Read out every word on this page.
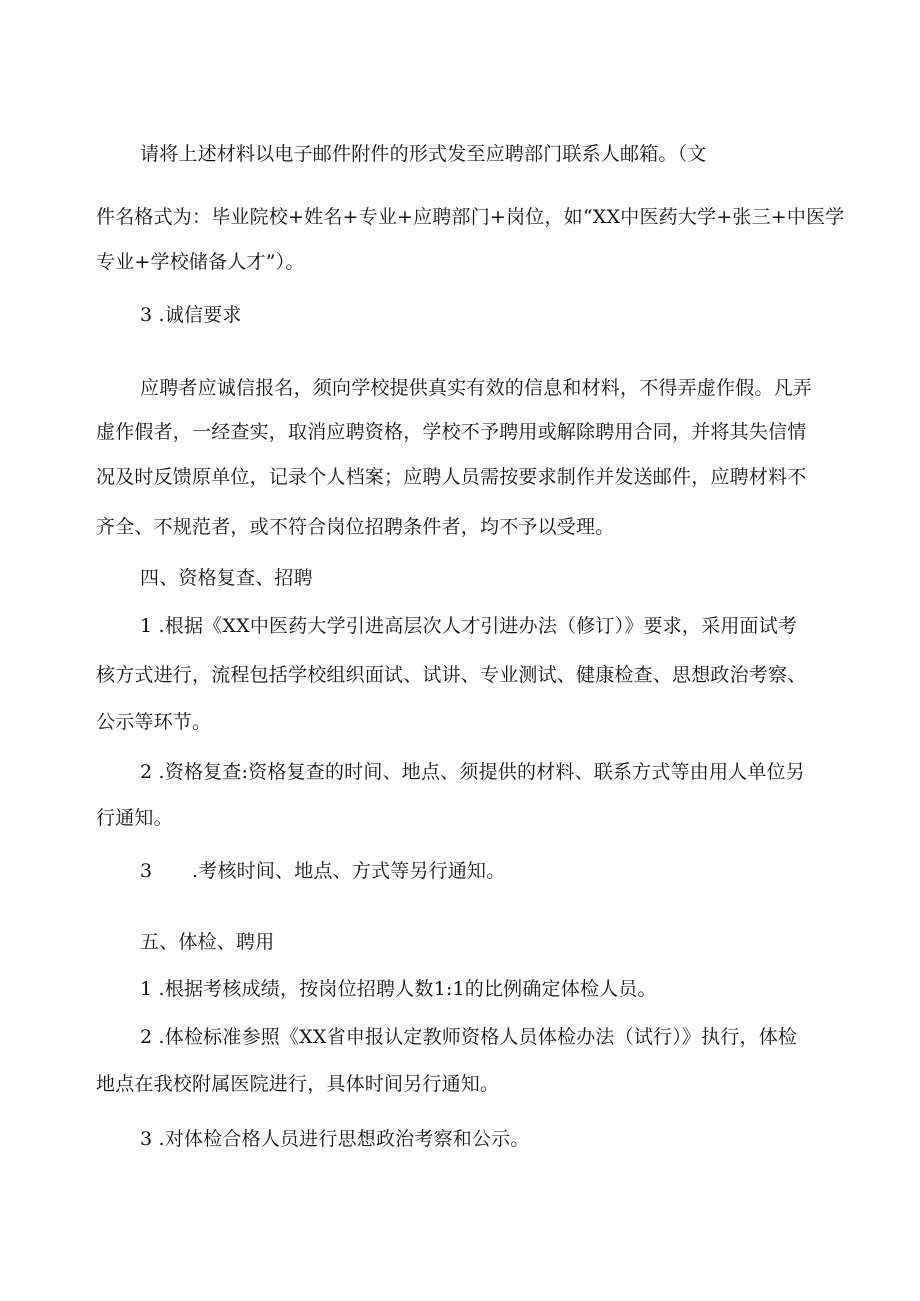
请将上述材料以电子邮件附件的形式发至应聘部门联系人邮箱。（文
件名格式为：毕业院校+姓名+专业+应聘部门+岗位，如“XX中医药大学+张三+中医学
专业+学校储备人才”）。
3 .诚信要求
应聘者应诚信报名，须向学校提供真实有效的信息和材料，不得弄虚作假。凡弄
虚作假者，一经查实，取消应聘资格，学校不予聘用或解除聘用合同，并将其失信情
况及时反馈原单位，记录个人档案；应聘人员需按要求制作并发送邮件，应聘材料不
齐全、不规范者，或不符合岗位招聘条件者，均不予以受理。
四、资格复查、招聘
1 .根据《XX中医药大学引进高层次人才引进办法（修订）》要求，采用面试考
核方式进行，流程包括学校组织面试、试讲、专业测试、健康检查、思想政治考察、
公示等环节。
2 .资格复查:资格复查的时间、地点、须提供的材料、联系方式等由用人单位另
行通知。
3 .考核时间、地点、方式等另行通知。
五、体检、聘用
1 .根据考核成绩，按岗位招聘人数1:1的比例确定体检人员。
2 .体检标准参照《XX省申报认定教师资格人员体检办法（试行）》执行，体检
地点在我校附属医院进行，具体时间另行通知。
3 .对体检合格人员进行思想政治考察和公示。
